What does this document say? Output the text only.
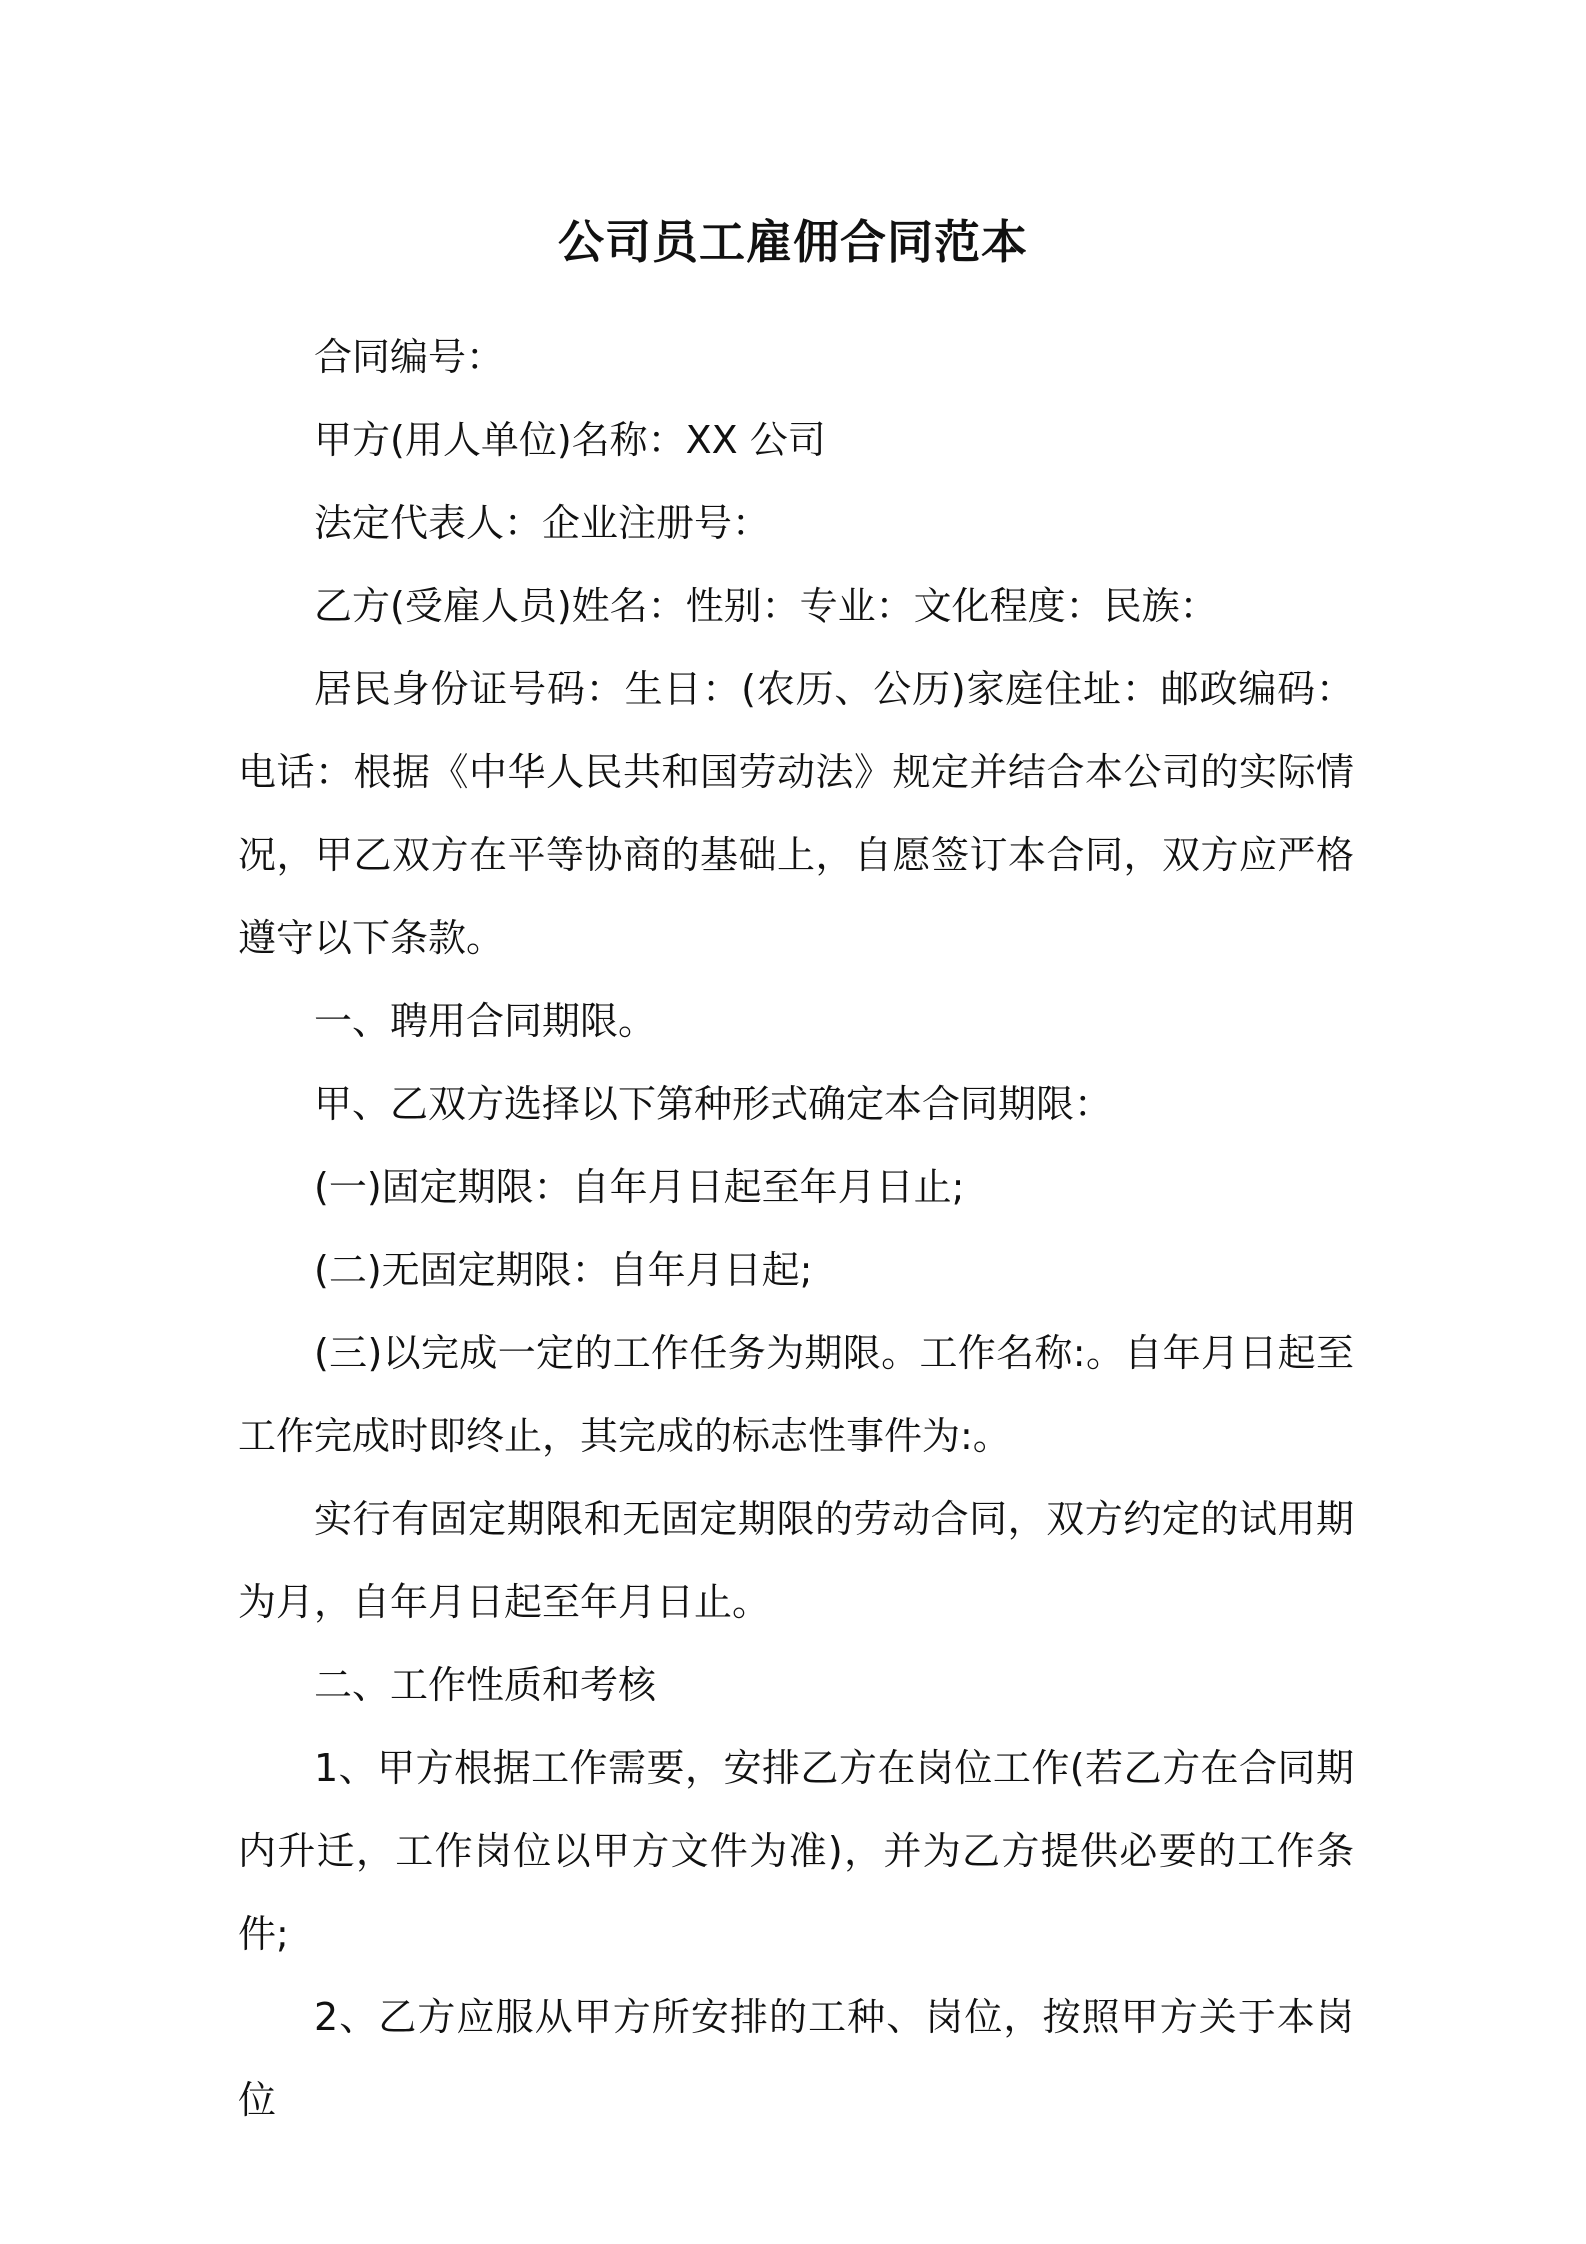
公司员工雇佣合同范本

合同编号：

甲方(用人单位)名称：XX 公司

法定代表人：企业注册号：

乙方(受雇人员)姓名：性别：专业：文化程度：民族：

居民身份证号码：生日：(农历、公历)家庭住址：邮政编码：电话：根据《中华人民共和国劳动法》规定并结合本公司的实际情况，甲乙双方在平等协商的基础上，自愿签订本合同，双方应严格遵守以下条款。

一、聘用合同期限。

甲、乙双方选择以下第种形式确定本合同期限：

(一)固定期限：自年月日起至年月日止;

(二)无固定期限：自年月日起;

(三)以完成一定的工作任务为期限。工作名称:。自年月日起至工作完成时即终止，其完成的标志性事件为:。

实行有固定期限和无固定期限的劳动合同，双方约定的试用期为月，自年月日起至年月日止。

二、工作性质和考核

1、甲方根据工作需要，安排乙方在岗位工作(若乙方在合同期内升迁，工作岗位以甲方文件为准)，并为乙方提供必要的工作条件;

2、乙方应服从甲方所安排的工种、岗位，按照甲方关于本岗位
